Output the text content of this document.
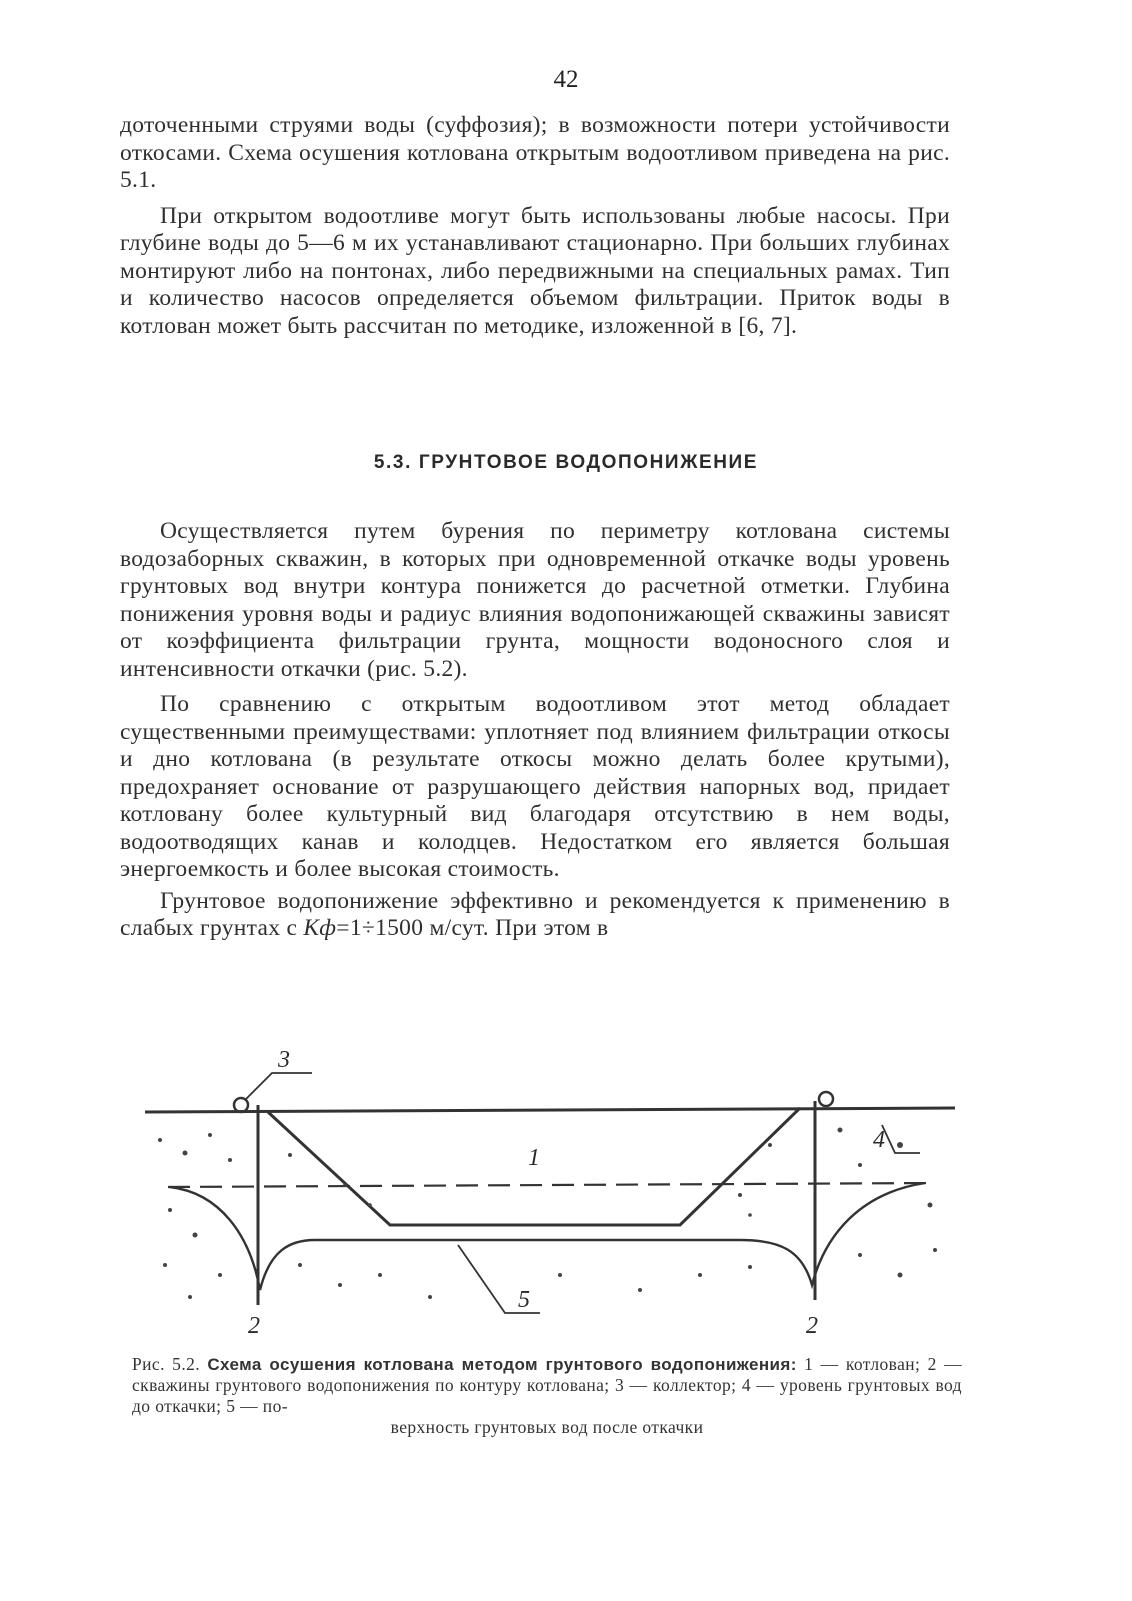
42

доточенными струями воды (суффозия); в возможности потери устойчивости откосами. Схема осушения котлована открытым водоотливом приведена на рис. 5.1.

При открытом водоотливе могут быть использованы любые насосы. При глубине воды до 5—6 м их устанавливают стационарно. При больших глубинах монтируют либо на понтонах, либо передвижными на специальных рамах. Тип и количество насосов определяется объемом фильтрации. Приток воды в котлован может быть рассчитан по методике, изложенной в [6, 7].

5.3. ГРУНТОВОЕ ВОДОПОНИЖЕНИЕ

Осуществляется путем бурения по периметру котлована системы водозаборных скважин, в которых при одновременной откачке воды уровень грунтовых вод внутри контура понижется до расчетной отметки. Глубина понижения уровня воды и радиус влияния водопонижающей скважины зависят от коэффициента фильтрации грунта, мощности водоносного слоя и интенсивности откачки (рис. 5.2).

По сравнению с открытым водоотливом этот метод обладает существенными преимуществами: уплотняет под влиянием фильтрации откосы и дно котлована (в результате откосы можно делать более крутыми), предохраняет основание от разрушающего действия напорных вод, придает котловану более культурный вид благодаря отсутствию в нем воды, водоотводящих канав и колодцев. Недостатком его является большая энергоемкость и более высокая стоимость.

Грунтовое водопонижение эффективно и рекомендуется к применению в слабых грунтах с Кф=1÷1500 м/сут. При этом в

3
1
4
2	2
5
Рис. 5.2. Схема осушения котлована методом грунтового водопонижения: 1 — котлован; 2 — скважины грунтового водопонижения по контуру котлована; 3 — коллектор; 4 — уровень грунтовых вод до откачки; 5 — по-
верхность грунтовых вод после откачки
